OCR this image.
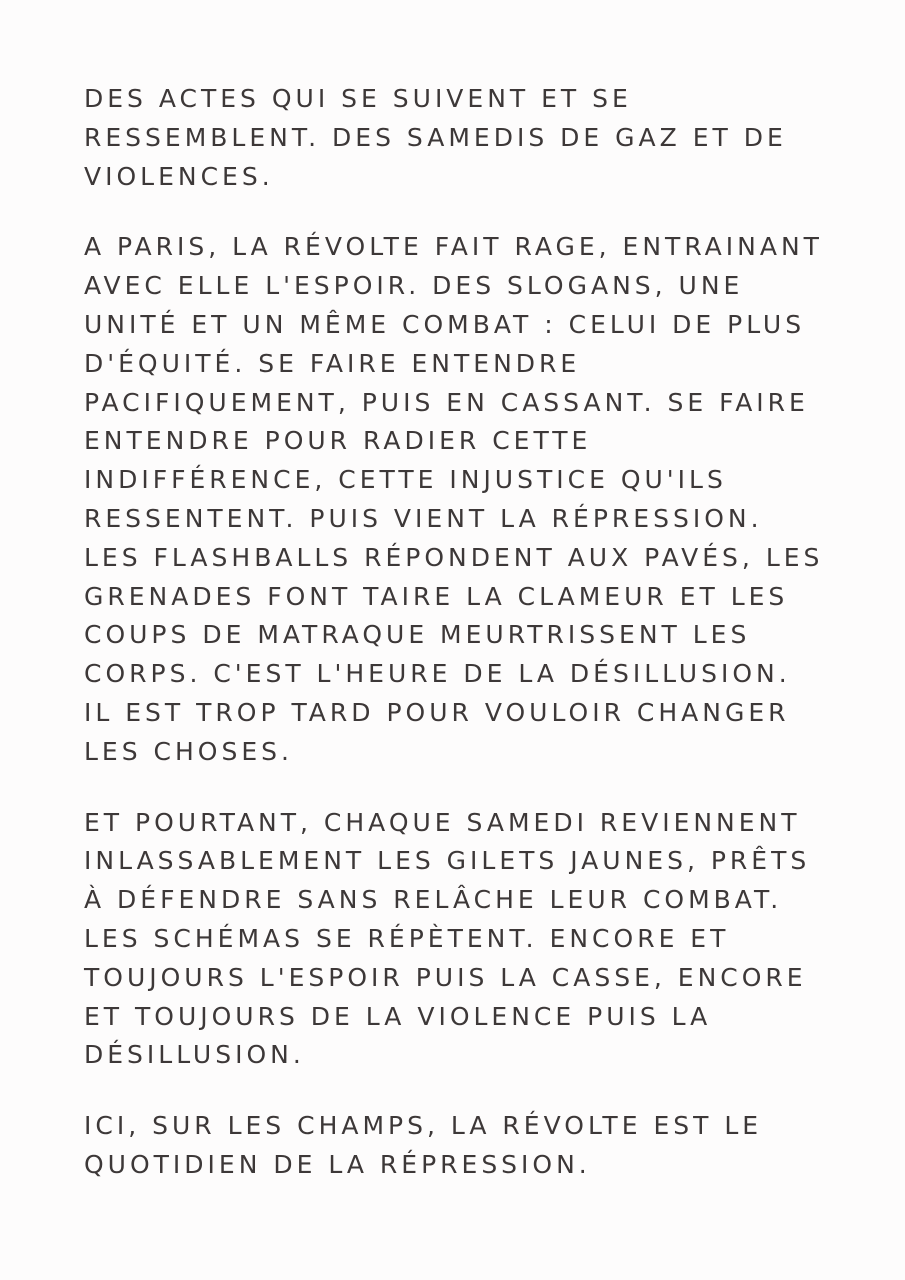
DES ACTES QUI SE SUIVENT ET SE
RESSEMBLENT. DES SAMEDIS DE GAZ ET DE
VIOLENCES.

A PARIS, LA RÉVOLTE FAIT RAGE, ENTRAINANT
AVEC ELLE L'ESPOIR. DES SLOGANS, UNE
UNITÉ ET UN MÊME COMBAT : CELUI DE PLUS
D'ÉQUITÉ. SE FAIRE ENTENDRE
PACIFIQUEMENT, PUIS EN CASSANT. SE FAIRE
ENTENDRE POUR RADIER CETTE
INDIFFÉRENCE, CETTE INJUSTICE QU'ILS
RESSENTENT. PUIS VIENT LA RÉPRESSION.
LES FLASHBALLS RÉPONDENT AUX PAVÉS, LES
GRENADES FONT TAIRE LA CLAMEUR ET LES
COUPS DE MATRAQUE MEURTRISSENT LES
CORPS. C'EST L'HEURE DE LA DÉSILLUSION.
IL EST TROP TARD POUR VOULOIR CHANGER
LES CHOSES.

ET POURTANT, CHAQUE SAMEDI REVIENNENT
INLASSABLEMENT LES GILETS JAUNES, PRÊTS
À DÉFENDRE SANS RELÂCHE LEUR COMBAT.
LES SCHÉMAS SE RÉPÈTENT. ENCORE ET
TOUJOURS L'ESPOIR PUIS LA CASSE, ENCORE
ET TOUJOURS DE LA VIOLENCE PUIS LA
DÉSILLUSION.

ICI, SUR LES CHAMPS, LA RÉVOLTE EST LE
QUOTIDIEN DE LA RÉPRESSION.
